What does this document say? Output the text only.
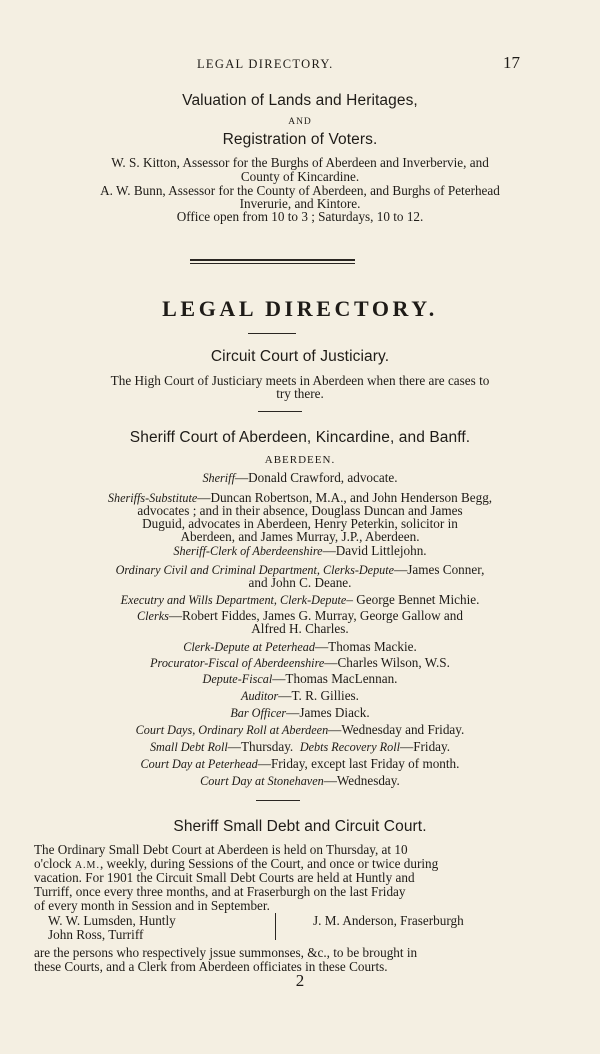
LEGAL DIRECTORY.	17
Valuation of Lands and Heritages,
AND
Registration of Voters.
W. S. Kitton, Assessor for the Burghs of Aberdeen and Inverbervie, and
County of Kincardine.
A. W. Bunn, Assessor for the County of Aberdeen, and Burghs of Peterhead
Inverurie, and Kintore.
Office open from 10 to 3 ; Saturdays, 10 to 12.
LEGAL DIRECTORY.
Circuit Court of Justiciary.
The High Court of Justiciary meets in Aberdeen when there are cases to
try there.
Sheriff Court of Aberdeen, Kincardine, and Banff.
ABERDEEN.
Sheriff—Donald Crawford, advocate.
Sheriffs-Substitute—Duncan Robertson, M.A., and John Henderson Begg,
advocates ; and in their absence, Douglass Duncan and James
Duguid, advocates in Aberdeen, Henry Peterkin, solicitor in
Aberdeen, and James Murray, J.P., Aberdeen.
Sheriff-Clerk of Aberdeenshire—David Littlejohn.
Ordinary Civil and Criminal Department, Clerks-Depute—James Conner,
and John C. Deane.
Executry and Wills Department, Clerk-Depute– George Bennet Michie.
Clerks—Robert Fiddes, James G. Murray, George Gallow and
Alfred H. Charles.
Clerk-Depute at Peterhead—Thomas Mackie.
Procurator-Fiscal of Aberdeenshire—Charles Wilson, W.S.
Depute-Fiscal—Thomas MacLennan.
Auditor—T. R. Gillies.
Bar Officer—James Diack.
Court Days, Ordinary Roll at Aberdeen—Wednesday and Friday.
Small Debt Roll—Thursday. Debts Recovery Roll—Friday.
Court Day at Peterhead—Friday, except last Friday of month.
Court Day at Stonehaven—Wednesday.
Sheriff Small Debt and Circuit Court.
The Ordinary Small Debt Court at Aberdeen is held on Thursday, at 10
o'clock A.M., weekly, during Sessions of the Court, and once or twice during
vacation. For 1901 the Circuit Small Debt Courts are held at Huntly and
Turriff, once every three months, and at Fraserburgh on the last Friday
of every month in Session and in September.
W. W. Lumsden, Huntly
John Ross, Turriff
J. M. Anderson, Fraserburgh
are the persons who respectively jssue summonses, &c., to be brought in
these Courts, and a Clerk from Aberdeen officiates in these Courts.
2
